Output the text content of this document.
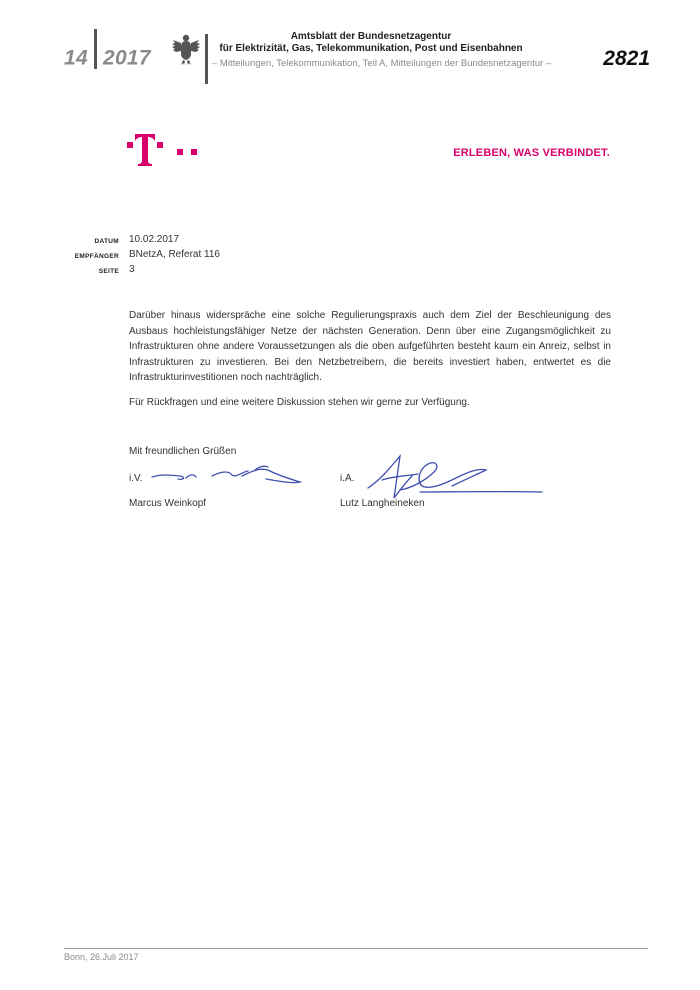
14 2017
Amtsblatt der Bundesnetzagentur
für Elektrizität, Gas, Telekommunikation, Post und Eisenbahnen
– Mitteilungen, Telekommunikation, Teil A, Mitteilungen der Bundesnetzagentur – 2821
ERLEBEN, WAS VERBINDET.
DATUM 10.02.2017
EMPFÄNGER BNetzA, Referat 116
SEITE 3
Darüber hinaus widerspräche eine solche Regulierungspraxis auch dem Ziel der Beschleunigung des Ausbaus hochleistungsfähiger Netze der nächsten Generation. Denn über eine Zugangsmöglichkeit zu Infrastrukturen ohne andere Voraussetzungen als die oben aufgeführten besteht kaum ein Anreiz, selbst in Infrastrukturen zu investieren. Bei den Netzbetreibern, die bereits investiert haben, entwertet es die Infrastrukturinvestitionen noch nachträglich.
Für Rückfragen und eine weitere Diskussion stehen wir gerne zur Verfügung.
Mit freundlichen Grüßen
i.V.	i.A.
Marcus Weinkopf	Lutz Langheineken
Bonn, 26.Juli 2017
